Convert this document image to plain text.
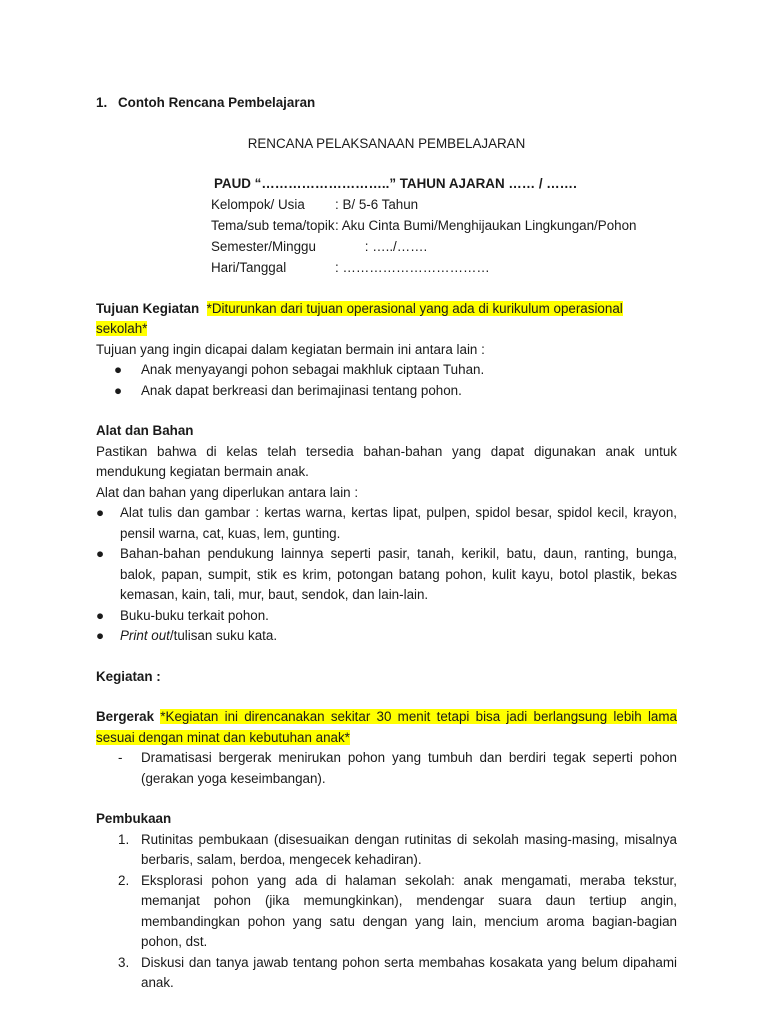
1. Contoh Rencana Pembelajaran
RENCANA PELAKSANAAN PEMBELAJARAN
PAUD “………………………..” TAHUN AJARAN …… / …….
Kelompok/ Usia	: B/ 5-6 Tahun
Tema/sub tema/topik : Aku Cinta Bumi/Menghijaukan Lingkungan/Pohon
Semester/Minggu	: …../…….
Hari/Tanggal	: ……………………………
Tujuan Kegiatan *Diturunkan dari tujuan operasional yang ada di kurikulum operasional sekolah*
Tujuan yang ingin dicapai dalam kegiatan bermain ini antara lain :
● Anak menyayangi pohon sebagai makhluk ciptaan Tuhan.
● Anak dapat berkreasi dan berimajinasi tentang pohon.
Alat dan Bahan
Pastikan bahwa di kelas telah tersedia bahan-bahan yang dapat digunakan anak untuk mendukung kegiatan bermain anak.
Alat dan bahan yang diperlukan antara lain :
● Alat tulis dan gambar : kertas warna, kertas lipat, pulpen, spidol besar, spidol kecil, krayon, pensil warna, cat, kuas, lem, gunting.
● Bahan-bahan pendukung lainnya seperti pasir, tanah, kerikil, batu, daun, ranting, bunga, balok, papan, sumpit, stik es krim, potongan batang pohon, kulit kayu, botol plastik, bekas kemasan, kain, tali, mur, baut, sendok, dan lain-lain.
● Buku-buku terkait pohon.
● Print out/tulisan suku kata.
Kegiatan :
Bergerak *Kegiatan ini direncanakan sekitar 30 menit tetapi bisa jadi berlangsung lebih lama sesuai dengan minat dan kebutuhan anak*
- Dramatisasi bergerak menirukan pohon yang tumbuh dan berdiri tegak seperti pohon (gerakan yoga keseimbangan).
Pembukaan
1. Rutinitas pembukaan (disesuaikan dengan rutinitas di sekolah masing-masing, misalnya berbaris, salam, berdoa, mengecek kehadiran).
2. Eksplorasi pohon yang ada di halaman sekolah: anak mengamati, meraba tekstur, memanjat pohon (jika memungkinkan), mendengar suara daun tertiup angin, membandingkan pohon yang satu dengan yang lain, mencium aroma bagian-bagian pohon, dst.
3. Diskusi dan tanya jawab tentang pohon serta membahas kosakata yang belum dipahami anak.
